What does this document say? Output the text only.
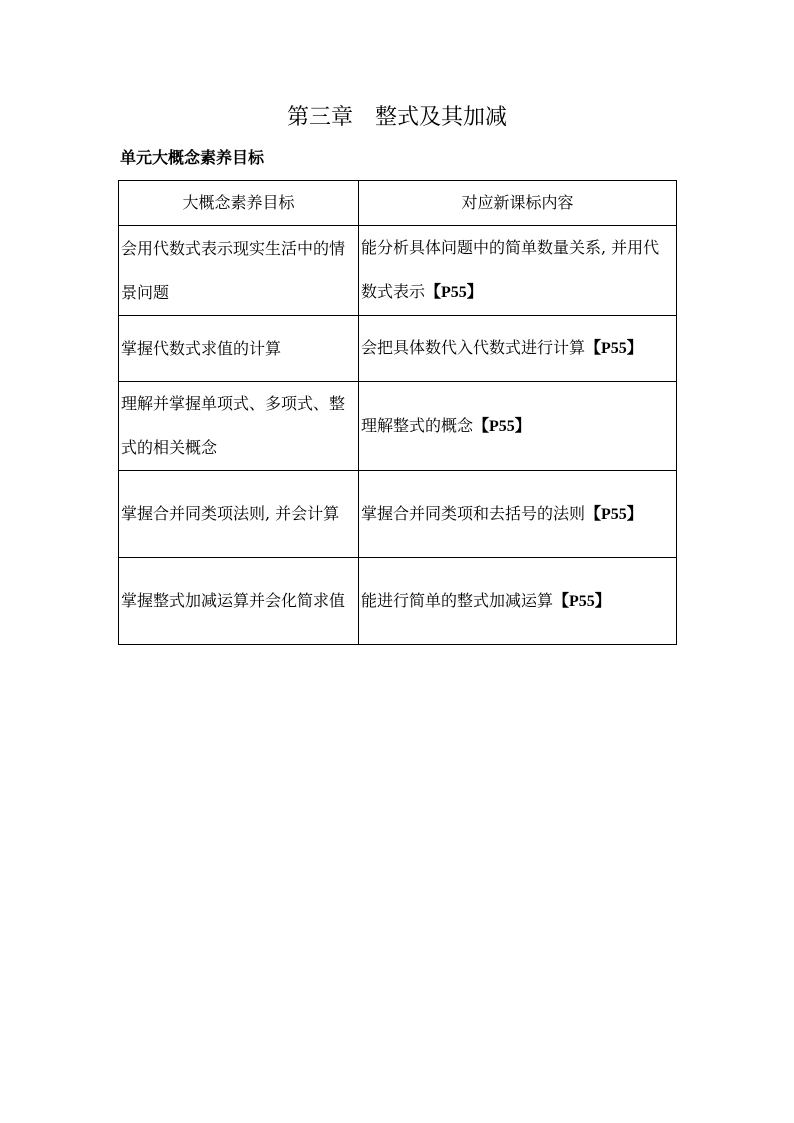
第三章　整式及其加减
单元大概念素养目标
大概念素养目标	对应新课标内容
会用代数式表示现实生活中的情景问题	能分析具体问题中的简单数量关系, 并用代数式表示【P55】
掌握代数式求值的计算	会把具体数代入代数式进行计算【P55】
理解并掌握单项式、多项式、整式的相关概念	理解整式的概念【P55】
掌握合并同类项法则, 并会计算	掌握合并同类项和去括号的法则【P55】
掌握整式加减运算并会化简求值	能进行简单的整式加减运算【P55】
